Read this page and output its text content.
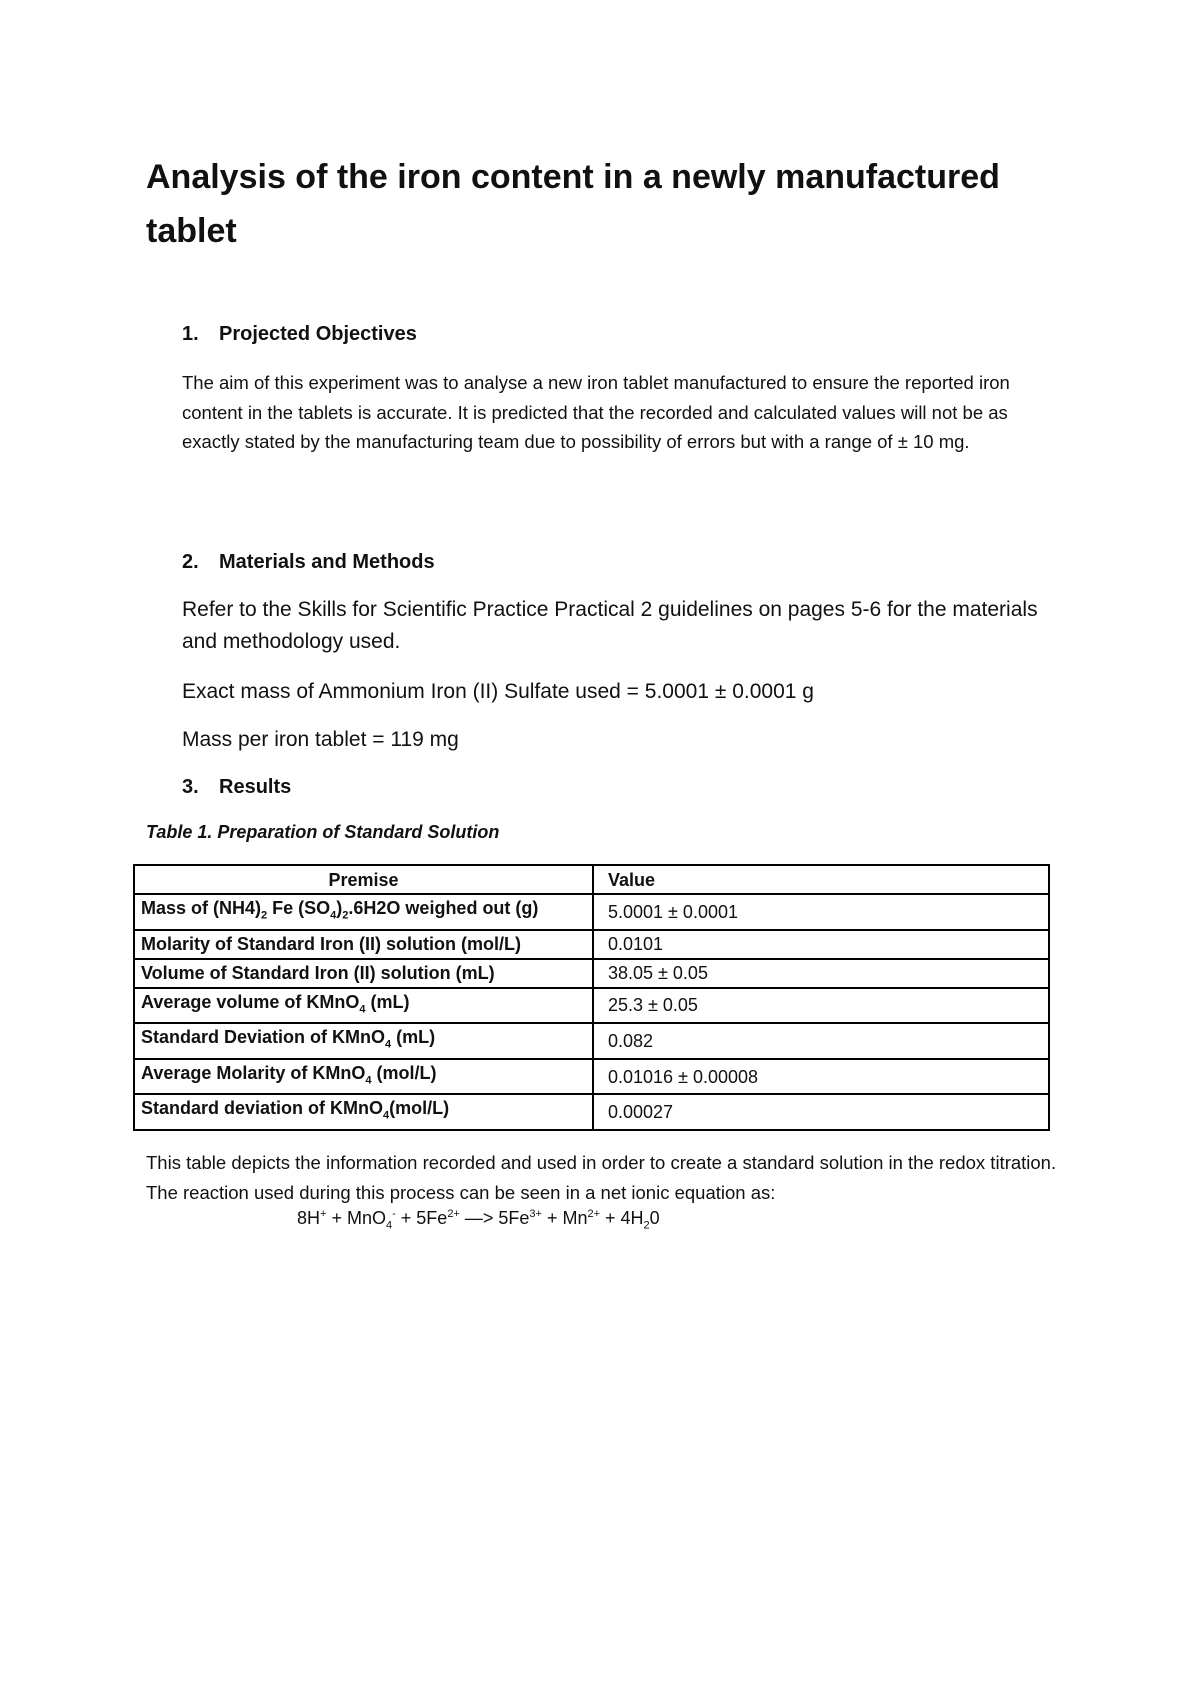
Analysis of the iron content in a newly manufactured tablet
1. Projected Objectives

The aim of this experiment was to analyse a new iron tablet manufactured to ensure the reported iron content in the tablets is accurate. It is predicted that the recorded and calculated values will not be as exactly stated by the manufacturing team due to possibility of errors but with a range of ± 10 mg.

2. Materials and Methods

Refer to the Skills for Scientific Practice Practical 2 guidelines on pages 5-6 for the materials and methodology used.

Exact mass of Ammonium Iron (II) Sulfate used = 5.0001 ± 0.0001 g

Mass per iron tablet = 119 mg

3. Results

Table 1. Preparation of Standard Solution

Premise	Value
Mass of $(NH4)_2$ Fe $(SO_4)_2.6H2O$ weighed out (g)	5.0001 ± 0.0001
Molarity of Standard Iron (II) solution (mol/L)	0.0101
Volume of Standard Iron (II) solution (mL)	38.05 ± 0.05
Average volume of KMnO$_4$ (mL)	25.3 ± 0.05
Standard Deviation of KMnO$_4$ (mL)	0.082
Average Molarity of KMnO$_4$ (mol/L)	0.01016 ± 0.00008
Standard deviation of KMnO$_4$(mol/L)	0.00027

This table depicts the information recorded and used in order to create a standard solution in the redox titration. The reaction used during this process can be seen in a net ionic equation as:

$8H^+ + MnO_4^- + 5Fe^{2+}$ —> $5Fe^{3+} + Mn^{2+} + 4H_20$
